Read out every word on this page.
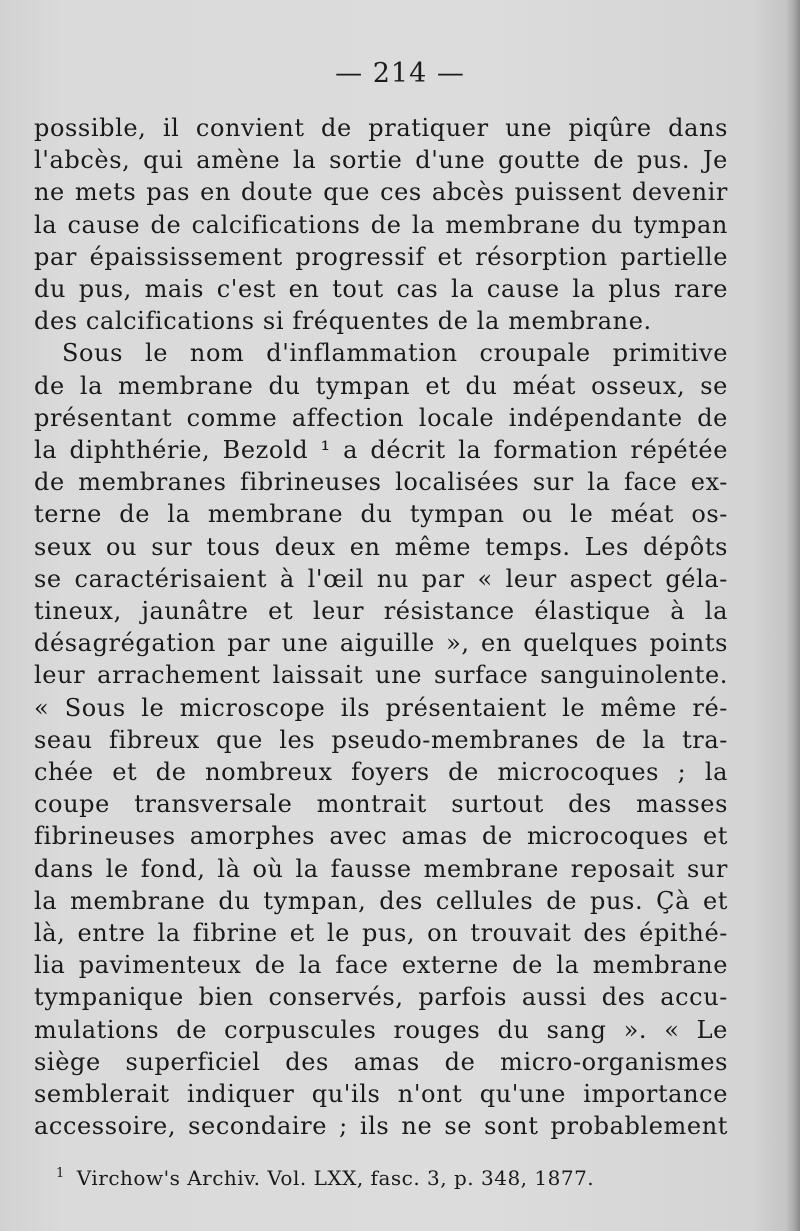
— 214 —
possible, il convient de pratiquer une piqûre dans
l'abcès, qui amène la sortie d'une goutte de pus. Je
ne mets pas en doute que ces abcès puissent devenir
la cause de calcifications de la membrane du tympan
par épaississement progressif et résorption partielle
du pus, mais c'est en tout cas la cause la plus rare
des calcifications si fréquentes de la membrane.
Sous le nom d'inflammation croupale primitive
de la membrane du tympan et du méat osseux, se
présentant comme affection locale indépendante de
la diphthérie, Bezold ¹ a décrit la formation répétée
de membranes fibrineuses localisées sur la face ex-
terne de la membrane du tympan ou le méat os-
seux ou sur tous deux en même temps. Les dépôts
se caractérisaient à l'œil nu par « leur aspect géla-
tineux, jaunâtre et leur résistance élastique à la
désagrégation par une aiguille », en quelques points
leur arrachement laissait une surface sanguinolente.
« Sous le microscope ils présentaient le même ré-
seau fibreux que les pseudo-membranes de la tra-
chée et de nombreux foyers de microcoques ; la
coupe transversale montrait surtout des masses
fibrineuses amorphes avec amas de microcoques et
dans le fond, là où la fausse membrane reposait sur
la membrane du tympan, des cellules de pus. Çà et
là, entre la fibrine et le pus, on trouvait des épithé-
lia pavimenteux de la face externe de la membrane
tympanique bien conservés, parfois aussi des accu-
mulations de corpuscules rouges du sang ». « Le
siège superficiel des amas de micro-organismes
semblerait indiquer qu'ils n'ont qu'une importance
accessoire, secondaire ; ils ne se sont probablement
$^1$ Virchow's Archiv. Vol. LXX, fasc. 3, p. 348, 1877.
